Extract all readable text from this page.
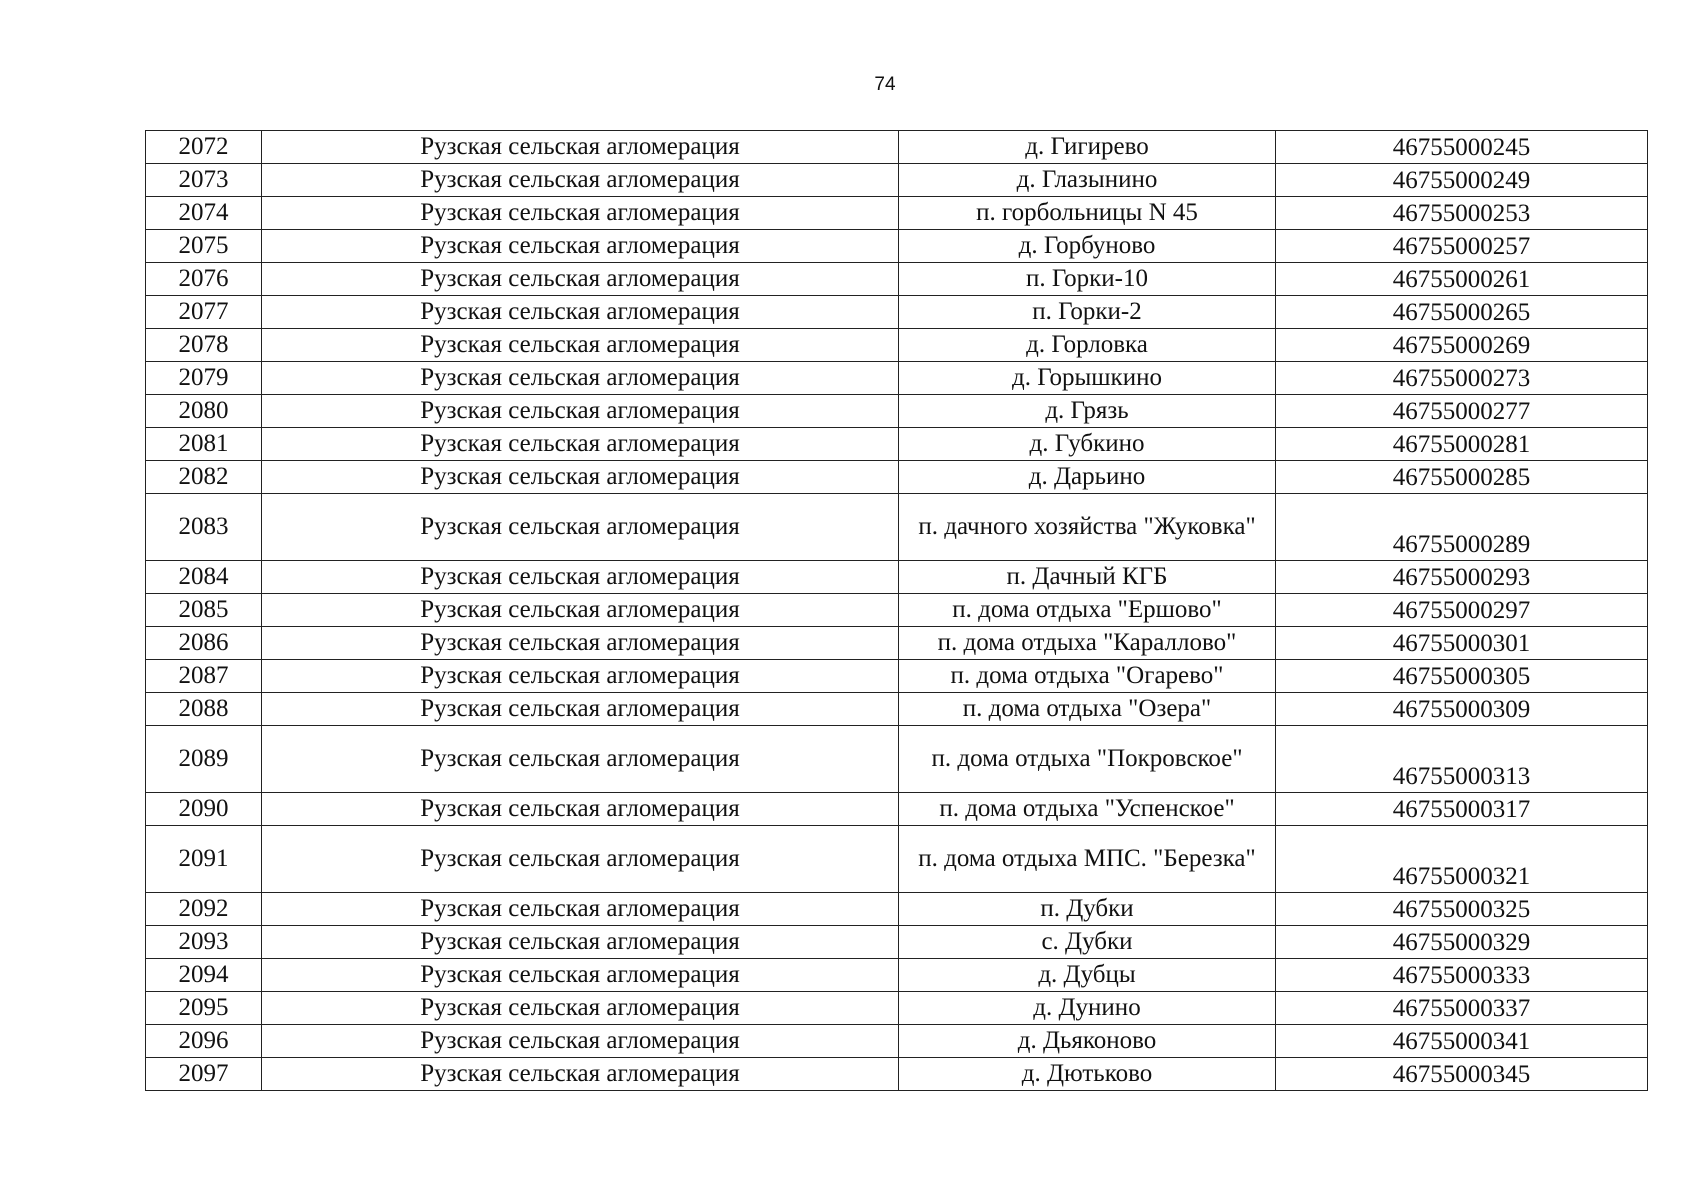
74
2072	Рузская сельская агломерация	д. Гигирево	46755000245
2073	Рузская сельская агломерация	д. Глазынино	46755000249
2074	Рузская сельская агломерация	п. горбольницы N 45	46755000253
2075	Рузская сельская агломерация	д. Горбуново	46755000257
2076	Рузская сельская агломерация	п. Горки-10	46755000261
2077	Рузская сельская агломерация	п. Горки-2	46755000265
2078	Рузская сельская агломерация	д. Горловка	46755000269
2079	Рузская сельская агломерация	д. Горышкино	46755000273
2080	Рузская сельская агломерация	д. Грязь	46755000277
2081	Рузская сельская агломерация	д. Губкино	46755000281
2082	Рузская сельская агломерация	д. Дарьино	46755000285
2083	Рузская сельская агломерация	п. дачного хозяйства "Жуковка"	46755000289
2084	Рузская сельская агломерация	п. Дачный КГБ	46755000293
2085	Рузская сельская агломерация	п. дома отдыха "Ершово"	46755000297
2086	Рузская сельская агломерация	п. дома отдыха "Караллово"	46755000301
2087	Рузская сельская агломерация	п. дома отдыха "Огарево"	46755000305
2088	Рузская сельская агломерация	п. дома отдыха "Озера"	46755000309
2089	Рузская сельская агломерация	п. дома отдыха "Покровское"	46755000313
2090	Рузская сельская агломерация	п. дома отдыха "Успенское"	46755000317
2091	Рузская сельская агломерация	п. дома отдыха МПС. "Березка"	46755000321
2092	Рузская сельская агломерация	п. Дубки	46755000325
2093	Рузская сельская агломерация	с. Дубки	46755000329
2094	Рузская сельская агломерация	д. Дубцы	46755000333
2095	Рузская сельская агломерация	д. Дунино	46755000337
2096	Рузская сельская агломерация	д. Дьяконово	46755000341
2097	Рузская сельская агломерация	д. Дютьково	46755000345
